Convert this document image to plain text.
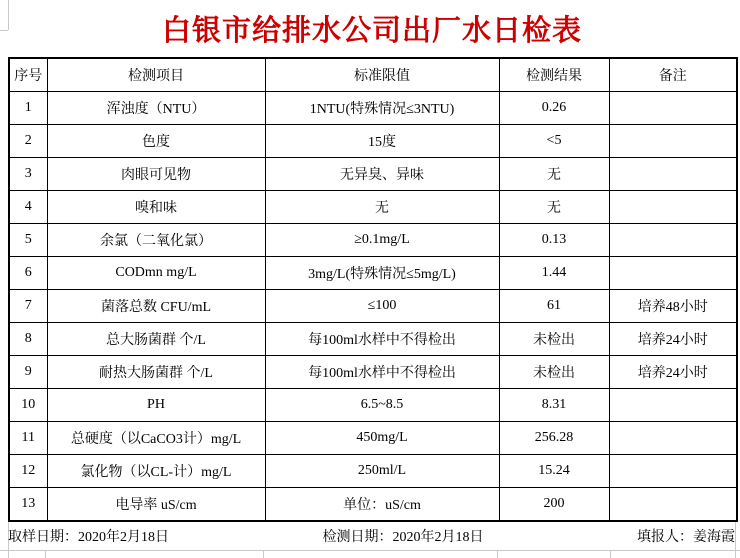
白银市给排水公司出厂水日检表
序号	检测项目	标准限值	检测结果	备注
1	浑浊度（NTU）	1NTU(特殊情况≤3NTU)	0.26	
2	色度	15度	<5	
3	肉眼可见物	无异臭、异味	无	
4	嗅和味	无	无	
5	余氯（二氧化氯）	≥0.1mg/L	0.13	
6	CODmn mg/L	3mg/L(特殊情况≤5mg/L)	1.44	
7	菌落总数 CFU/mL	≤100	61	培养48小时
8	总大肠菌群 个/L	每100ml水样中不得检出	未检出	培养24小时
9	耐热大肠菌群 个/L	每100ml水样中不得检出	未检出	培养24小时
10	PH	6.5~8.5	8.31	
11	总硬度（以CaCO3计）mg/L	450mg/L	256.28	
12	氯化物（以CL-计）mg/L	250ml/L	15.24	
13	电导率 uS/cm	单位：uS/cm	200	
取样日期：2020年2月18日	检测日期：2020年2月18日	填报人：姜海霞
